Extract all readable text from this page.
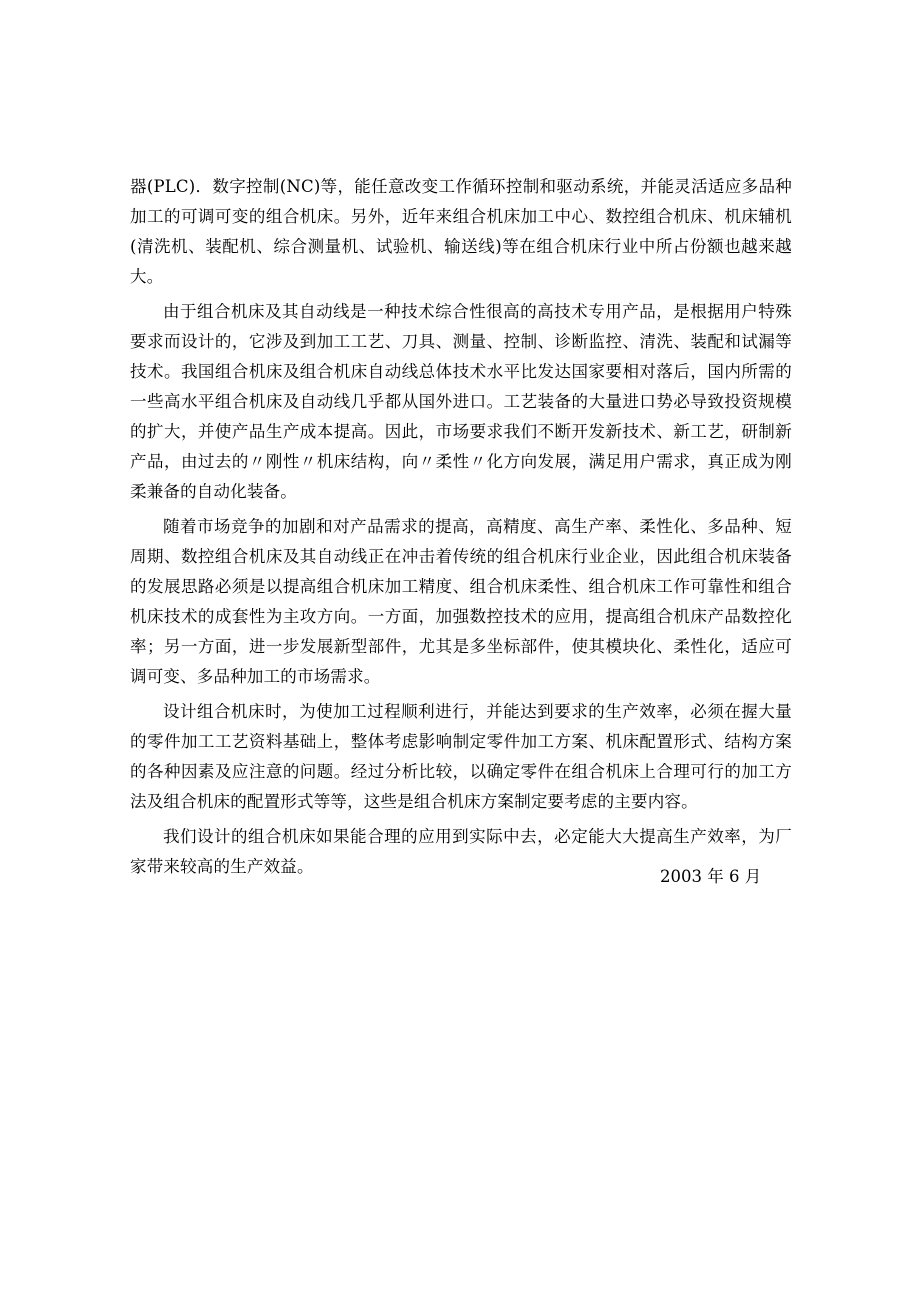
器(PLC)．数字控制(NC)等，能任意改变工作循环控制和驱动系统，并能灵活适应多品种加工的可调可变的组合机床。另外，近年来组合机床加工中心、数控组合机床、机床辅机(清洗机、装配机、综合测量机、试验机、输送线)等在组合机床行业中所占份额也越来越大。

由于组合机床及其自动线是一种技术综合性很高的高技术专用产品，是根据用户特殊要求而设计的，它涉及到加工工艺、刀具、测量、控制、诊断监控、清洗、装配和试漏等技术。我国组合机床及组合机床自动线总体技术水平比发达国家要相对落后，国内所需的一些高水平组合机床及自动线几乎都从国外进口。工艺装备的大量进口势必导致投资规模的扩大，并使产品生产成本提高。因此，市场要求我们不断开发新技术、新工艺，研制新产品，由过去的〃刚性〃机床结构，向〃柔性〃化方向发展，满足用户需求，真正成为刚柔兼备的自动化装备。

随着市场竞争的加剧和对产品需求的提高，高精度、高生产率、柔性化、多品种、短周期、数控组合机床及其自动线正在冲击着传统的组合机床行业企业，因此组合机床装备的发展思路必须是以提高组合机床加工精度、组合机床柔性、组合机床工作可靠性和组合机床技术的成套性为主攻方向。一方面，加强数控技术的应用，提高组合机床产品数控化率；另一方面，进一步发展新型部件，尤其是多坐标部件，使其模块化、柔性化，适应可调可变、多品种加工的市场需求。

设计组合机床时，为使加工过程顺利进行，并能达到要求的生产效率，必须在握大量的零件加工工艺资料基础上，整体考虑影响制定零件加工方案、机床配置形式、结构方案的各种因素及应注意的问题。经过分析比较，以确定零件在组合机床上合理可行的加工方法及组合机床的配置形式等等，这些是组合机床方案制定要考虑的主要内容。

我们设计的组合机床如果能合理的应用到实际中去，必定能大大提高生产效率，为厂家带来较高的生产效益。

2003 年 6 月
